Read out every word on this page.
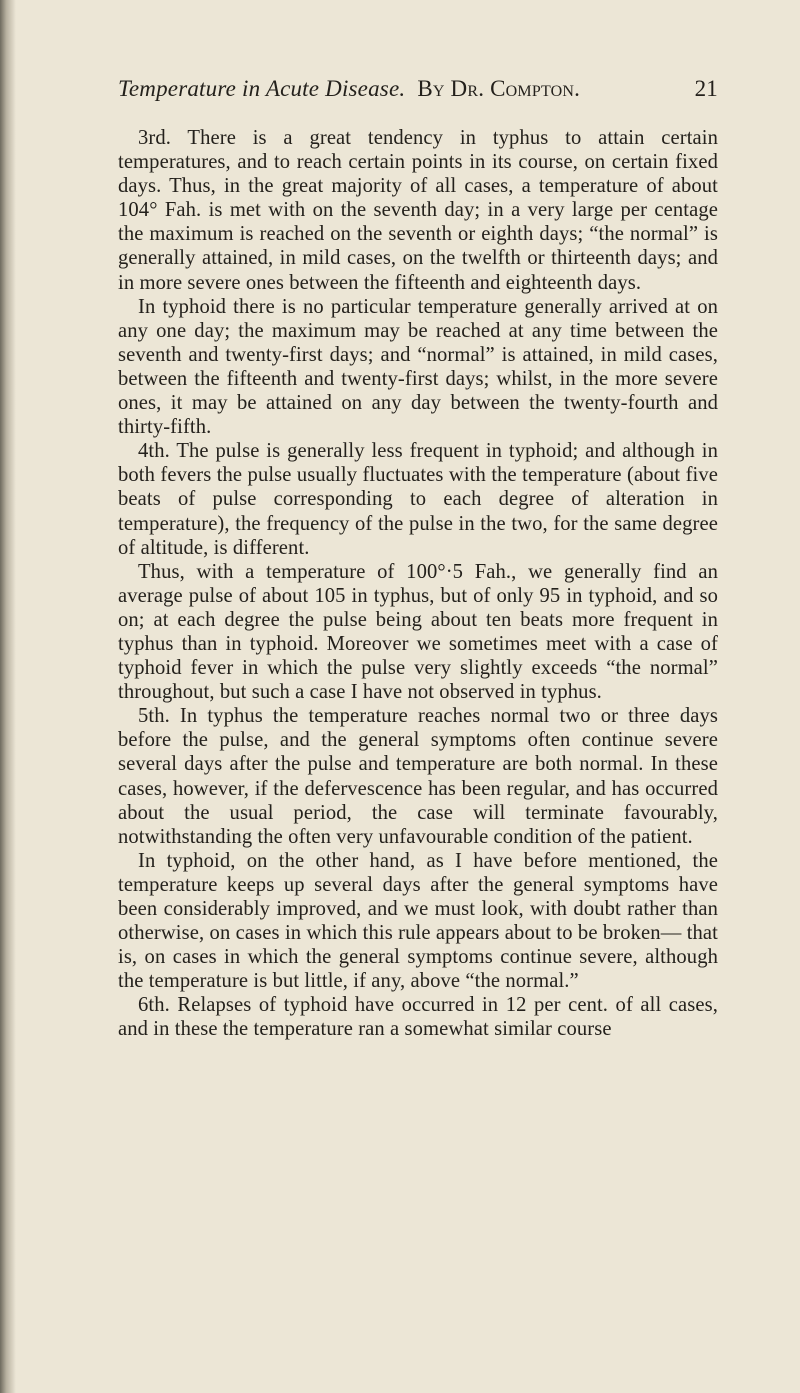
Temperature in Acute Disease. By Dr. Compton.	21

3rd. There is a great tendency in typhus to attain certain temperatures, and to reach certain points in its course, on certain fixed days. Thus, in the great majority of all cases, a temperature of about 104° Fah. is met with on the seventh day; in a very large per centage the maximum is reached on the seventh or eighth days; “the normal” is generally attained, in mild cases, on the twelfth or thirteenth days; and in more severe ones between the fifteenth and eighteenth days.

In typhoid there is no particular temperature generally arrived at on any one day; the maximum may be reached at any time between the seventh and twenty-first days; and “normal” is attained, in mild cases, between the fifteenth and twenty-first days; whilst, in the more severe ones, it may be attained on any day between the twenty-fourth and thirty-fifth.

4th. The pulse is generally less frequent in typhoid; and although in both fevers the pulse usually fluctuates with the temperature (about five beats of pulse corresponding to each degree of alteration in temperature), the frequency of the pulse in the two, for the same degree of altitude, is different.

Thus, with a temperature of 100°·5 Fah., we generally find an average pulse of about 105 in typhus, but of only 95 in typhoid, and so on; at each degree the pulse being about ten beats more frequent in typhus than in typhoid. Moreover we sometimes meet with a case of typhoid fever in which the pulse very slightly exceeds “the normal” throughout, but such a case I have not observed in typhus.

5th. In typhus the temperature reaches normal two or three days before the pulse, and the general symptoms often continue severe several days after the pulse and temperature are both normal. In these cases, however, if the defervescence has been regular, and has occurred about the usual period, the case will terminate favourably, notwithstanding the often very unfavourable condition of the patient.

In typhoid, on the other hand, as I have before mentioned, the temperature keeps up several days after the general symptoms have been considerably improved, and we must look, with doubt rather than otherwise, on cases in which this rule appears about to be broken— that is, on cases in which the general symptoms continue severe, although the temperature is but little, if any, above “the normal.”

6th. Relapses of typhoid have occurred in 12 per cent. of all cases, and in these the temperature ran a somewhat similar course
